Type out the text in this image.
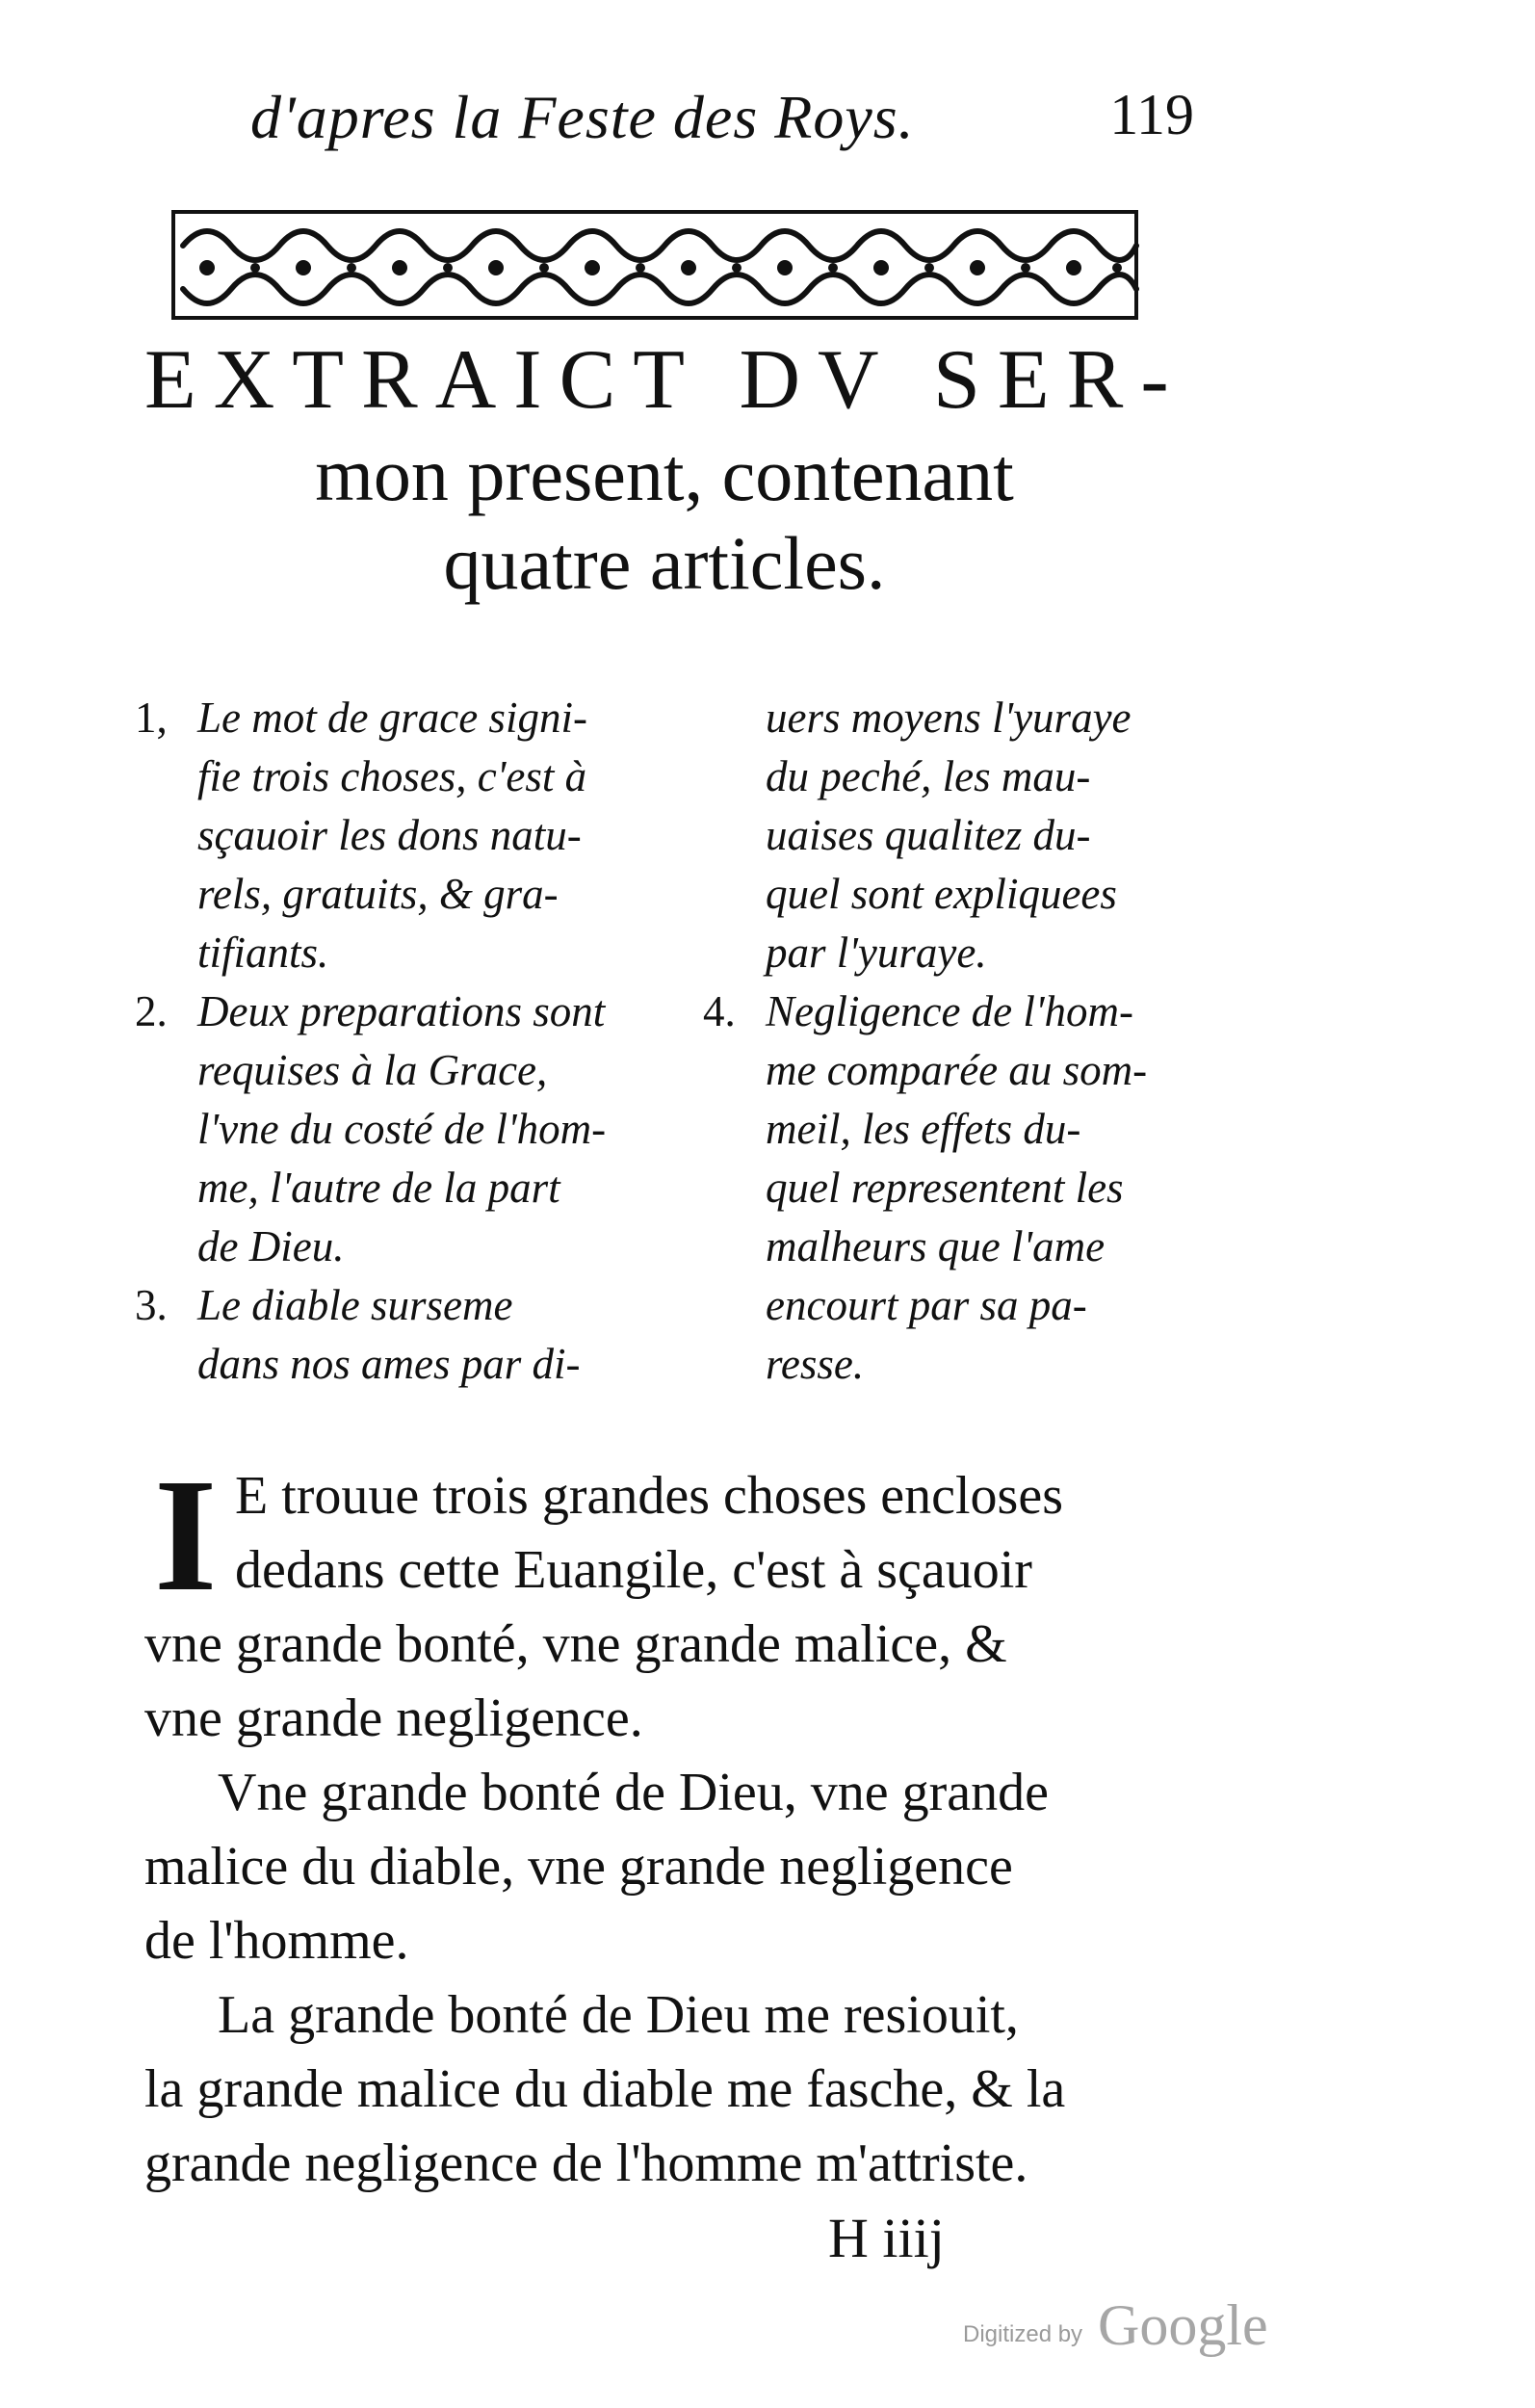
d'apres la Feste des Roys.	119
EXTRAICT DV SER-
mon present, contenant
quatre articles.
1, Le mot de grace signi-
fie trois choses, c'est à
sçauoir les dons natu-
rels, gratuits, & gra-
tifiants.
2. Deux preparations sont
requises à la Grace,
l'vne du costé de l'hom-
me, l'autre de la part
de Dieu.
3. Le diable surseme
dans nos ames par di-
uers moyens l'yuraye
du peché, les mau-
uaises qualitez du-
quel sont expliquees
par l'yuraye.
4. Negligence de l'hom-
me comparée au som-
meil, les effets du-
quel representent les
malheurs que l'ame
encourt par sa pa-
resse.
I E trouue trois grandes choses encloses
dedans cette Euangile, c'est à sçauoir
vne grande bonté, vne grande malice, &
vne grande negligence.
Vne grande bonté de Dieu, vne grande
malice du diable, vne grande negligence
de l'homme.
La grande bonté de Dieu me resiouit,
la grande malice du diable me fasche, & la
grande negligence de l'homme m'attriste.
H iiij
Digitized by Google
